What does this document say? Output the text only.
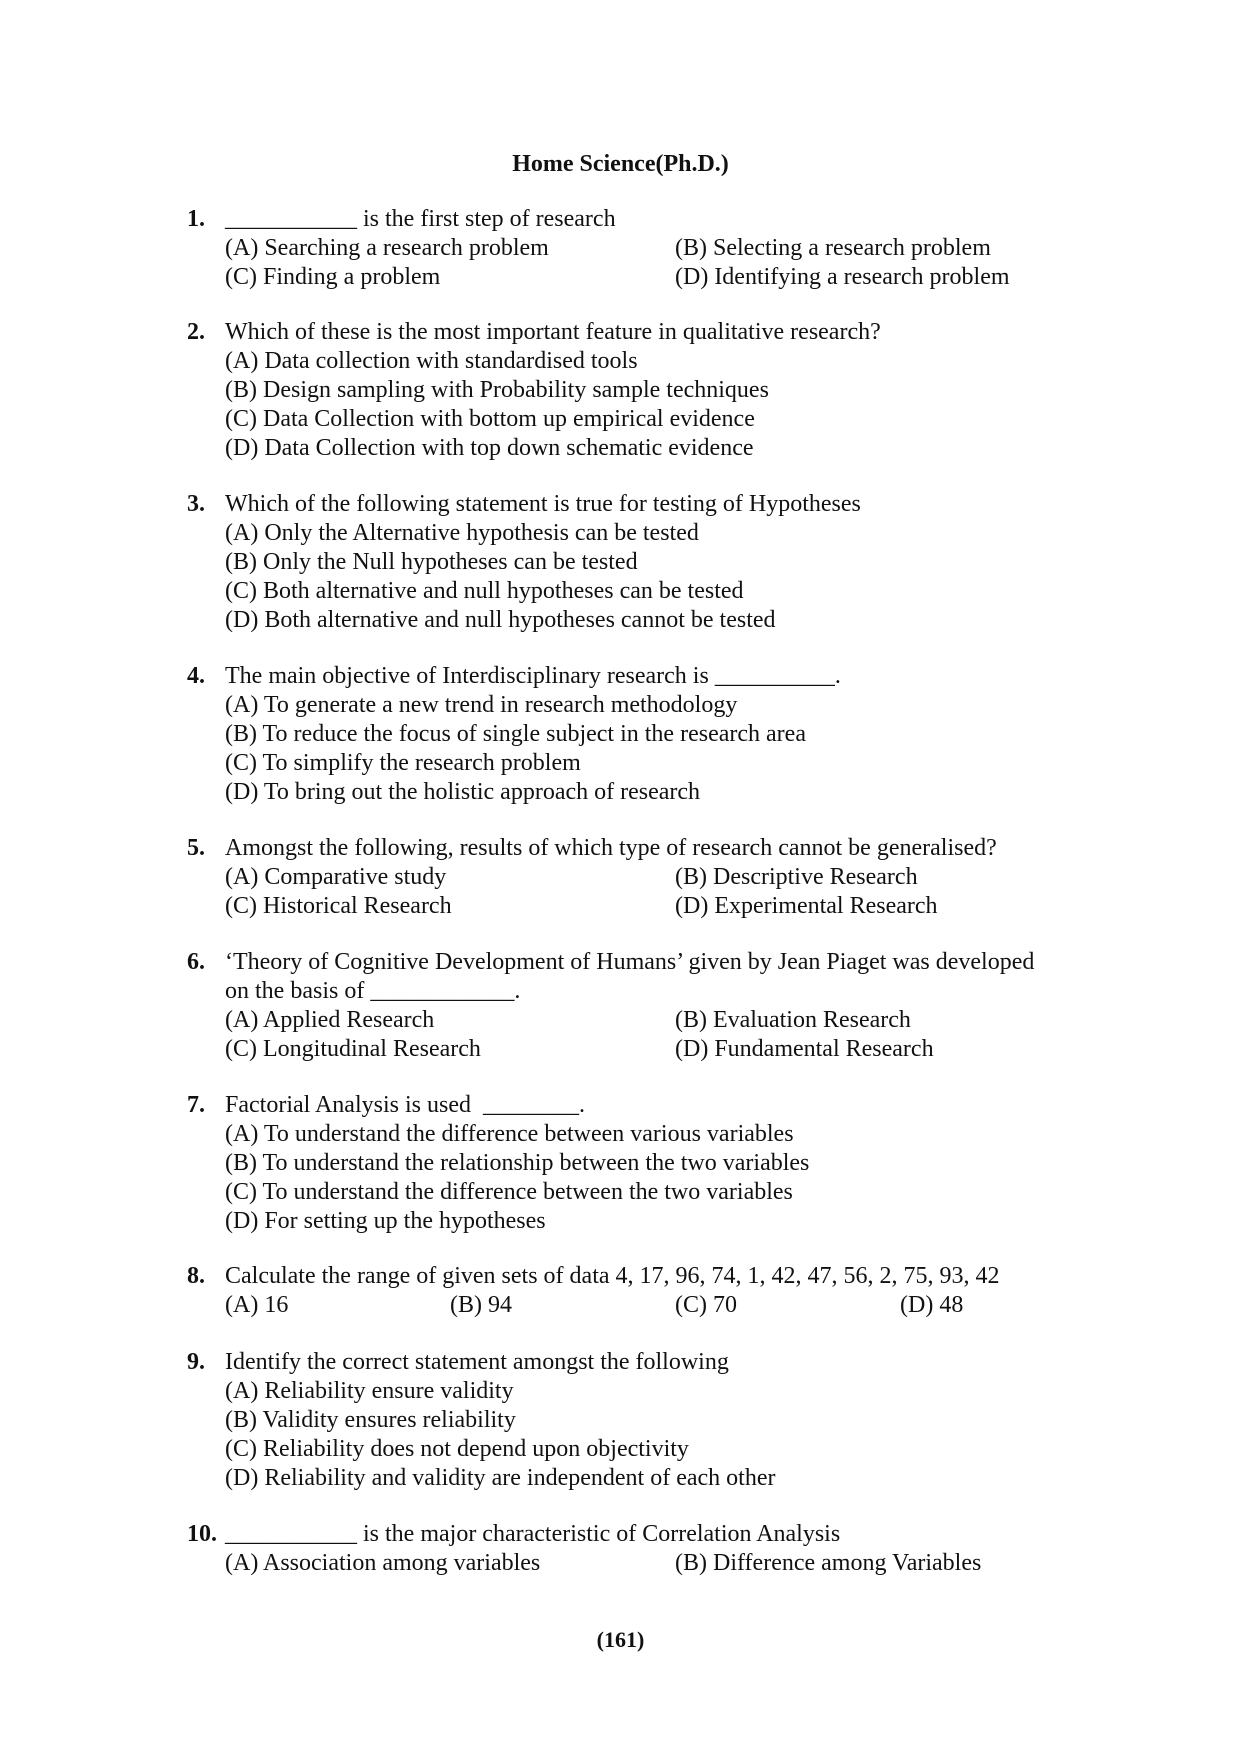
Home Science(Ph.D.)
1. ___________ is the first step of research
(A) Searching a research problem	(B) Selecting a research problem
(C) Finding a problem	(D) Identifying a research problem
2. Which of these is the most important feature in qualitative research?
(A) Data collection with standardised tools
(B) Design sampling with Probability sample techniques
(C) Data Collection with bottom up empirical evidence
(D) Data Collection with top down schematic evidence
3. Which of the following statement is true for testing of Hypotheses
(A) Only the Alternative hypothesis can be tested
(B) Only the Null hypotheses can be tested
(C) Both alternative and null hypotheses can be tested
(D) Both alternative and null hypotheses cannot be tested
4. The main objective of Interdisciplinary research is __________.
(A) To generate a new trend in research methodology
(B) To reduce the focus of single subject in the research area
(C) To simplify the research problem
(D) To bring out the holistic approach of research
5. Amongst the following, results of which type of research cannot be generalised?
(A) Comparative study	(B) Descriptive Research
(C) Historical Research	(D) Experimental Research
6. ‘Theory of Cognitive Development of Humans’ given by Jean Piaget was developed
on the basis of ____________.
(A) Applied Research	(B) Evaluation Research
(C) Longitudinal Research	(D) Fundamental Research
7. Factorial Analysis is used  ________.
(A) To understand the difference between various variables
(B) To understand the relationship between the two variables
(C) To understand the difference between the two variables
(D) For setting up the hypotheses
8. Calculate the range of given sets of data 4, 17, 96, 74, 1, 42, 47, 56, 2, 75, 93, 42
(A) 16	(B) 94	(C) 70	(D) 48
9. Identify the correct statement amongst the following
(A) Reliability ensure validity
(B) Validity ensures reliability
(C) Reliability does not depend upon objectivity
(D) Reliability and validity are independent of each other
10. ___________ is the major characteristic of Correlation Analysis
(A) Association among variables	(B) Difference among Variables
(161)
